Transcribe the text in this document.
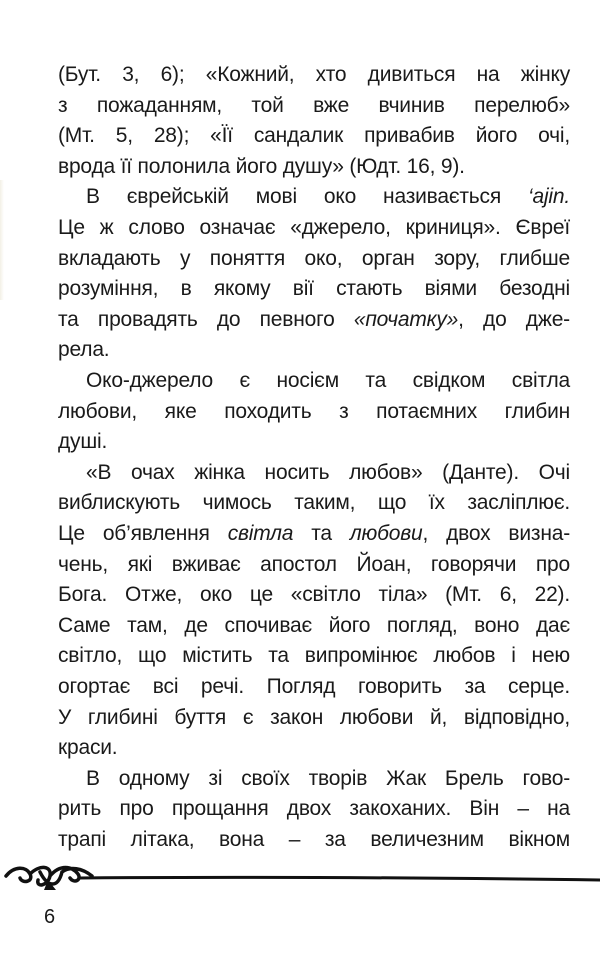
(Бут. 3, 6); «Кожний, хто дивиться на жінку
з пожаданням, той вже вчинив перелюб»
(Мт. 5, 28); «Її сандалик привабив його очі,
врода її полонила його душу» (Юдт. 16, 9).
В єврейській мові око називається ‘ajin.
Це ж слово означає «джерело, криниця». Євреї
вкладають у поняття око, орган зору, глибше
розуміння, в якому вії стають віями безодні
та провадять до певного «початку», до дже-
рела.
Око-джерело є носієм та свідком світла
любови, яке походить з потаємних глибин
душі.
«В очах жінка носить любов» (Данте). Очі
виблискують чимось таким, що їх засліплює.
Це об’явлення світла та любови, двох визна-
чень, які вживає апостол Йоан, говорячи про
Бога. Отже, око це «світло тіла» (Мт. 6, 22).
Саме там, де спочиває його погляд, воно дає
світло, що містить та випромінює любов і нею
огортає всі речі. Погляд говорить за серце.
У глибині буття є закон любови й, відповідно,
краси.
В одному зі своїх творів Жак Брель гово-
рить про прощання двох закоханих. Він – на
трапі літака, вона – за величезним вікном
6
